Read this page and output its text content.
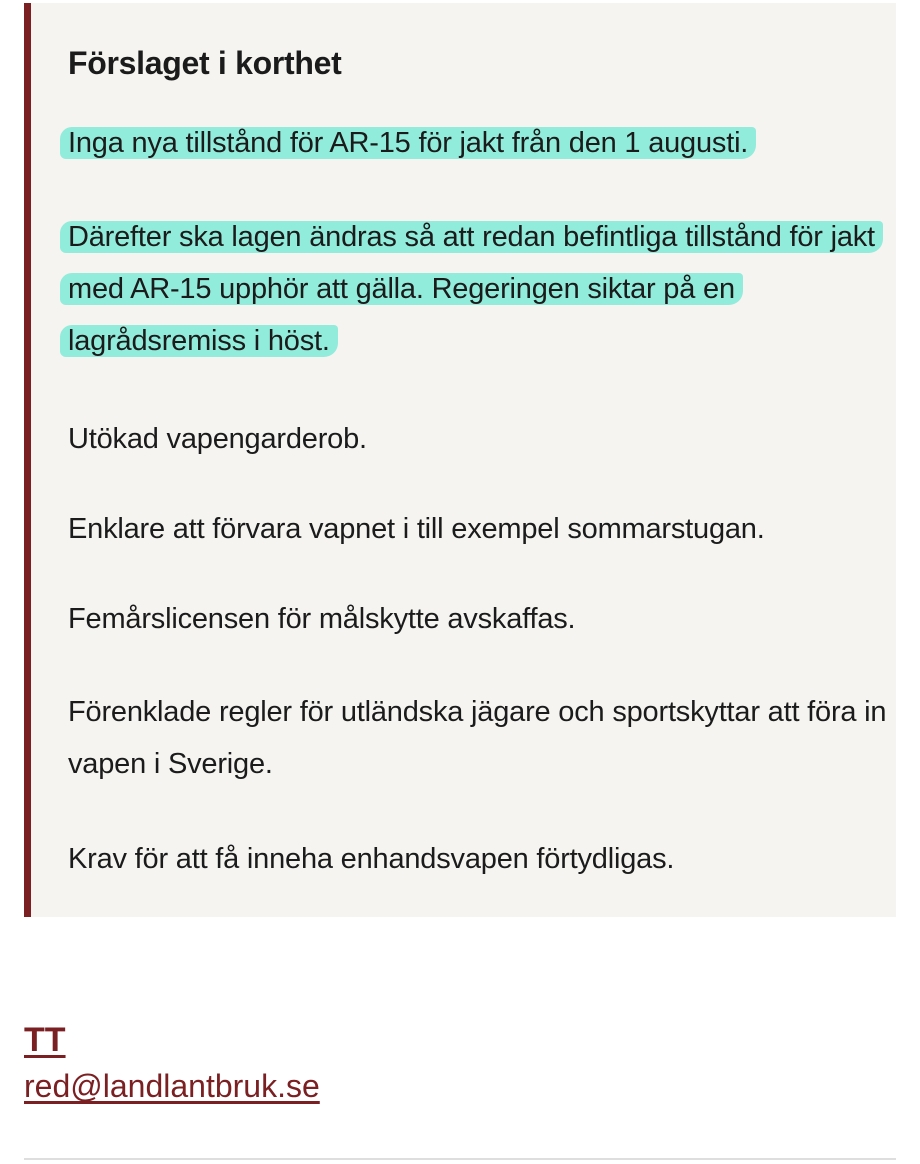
Förslaget i korthet

Inga nya tillstånd för AR-15 för jakt från den 1 augusti.

Därefter ska lagen ändras så att redan befintliga tillstånd för jakt med AR-15 upphör att gälla. Regeringen siktar på en lagrådsremiss i höst.

Utökad vapengarderob.

Enklare att förvara vapnet i till exempel sommarstugan.

Femårslicensen för målskytte avskaffas.

Förenklade regler för utländska jägare och sportskyttar att föra in vapen i Sverige.

Krav för att få inneha enhandsvapen förtydligas.

TT
red@landlantbruk.se
